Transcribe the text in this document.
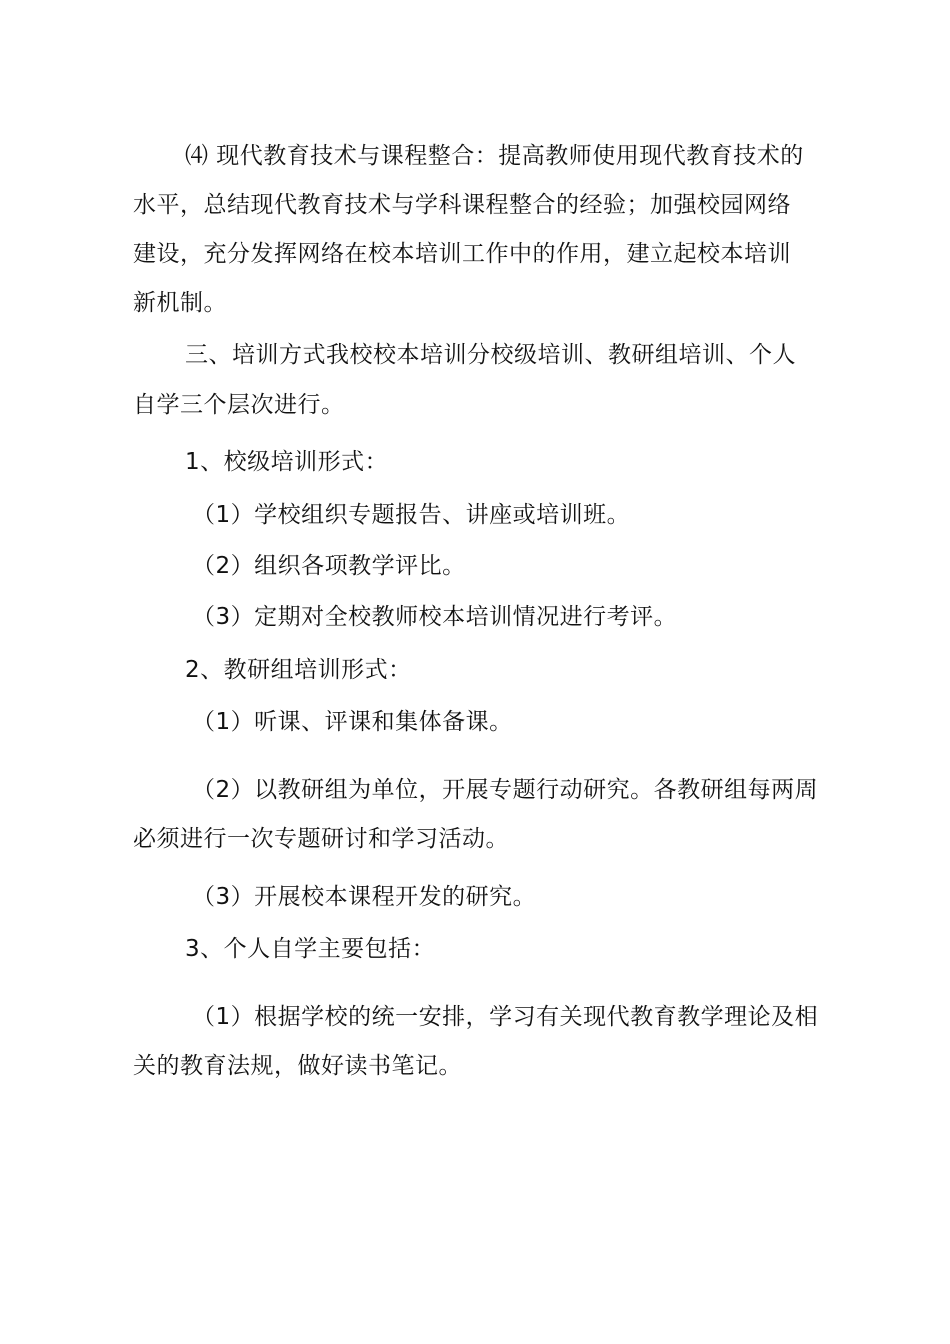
⑷ 现代教育技术与课程整合：提高教师使用现代教育技术的
水平，总结现代教育技术与学科课程整合的经验；加强校园网络
建设，充分发挥网络在校本培训工作中的作用，建立起校本培训
新机制。
三、培训方式我校校本培训分校级培训、教研组培训、个人
自学三个层次进行。
1、校级培训形式：
（1）学校组织专题报告、讲座或培训班。
（2）组织各项教学评比。
（3）定期对全校教师校本培训情况进行考评。
2、教研组培训形式：
（1）听课、评课和集体备课。
（2）以教研组为单位，开展专题行动研究。各教研组每两周
必须进行一次专题研讨和学习活动。
（3）开展校本课程开发的研究。
3、个人自学主要包括：
（1）根据学校的统一安排，学习有关现代教育教学理论及相
关的教育法规，做好读书笔记。
